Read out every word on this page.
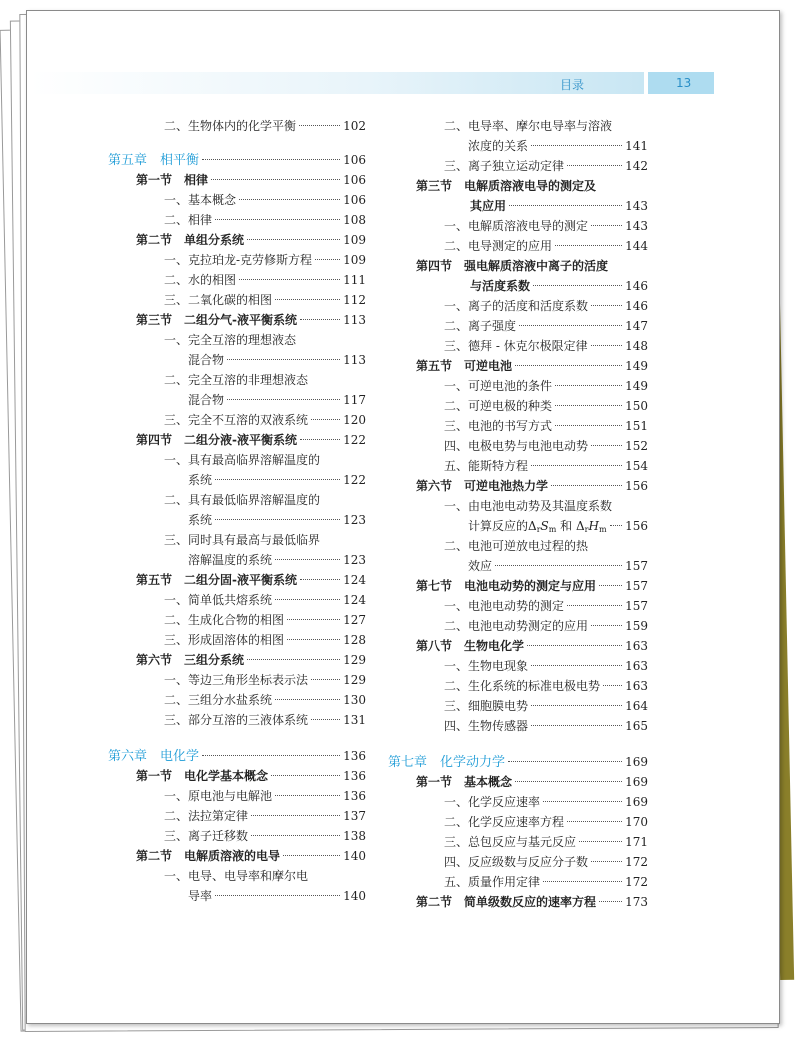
目录	13
二、生物体内的化学平衡	102
第五章　相平衡	106
第一节　相律	106
一、基本概念	106
二、相律	108
第二节　单组分系统	109
一、克拉珀龙-克劳修斯方程	109
二、水的相图	111
三、二氧化碳的相图	112
第三节　二组分气-液平衡系统	113
一、完全互溶的理想液态
混合物	113
二、完全互溶的非理想液态
混合物	117
三、完全不互溶的双液系统	120
第四节　二组分液-液平衡系统	122
一、具有最高临界溶解温度的
系统	122
二、具有最低临界溶解温度的
系统	123
三、同时具有最高与最低临界
溶解温度的系统	123
第五节　二组分固-液平衡系统	124
一、简单低共熔系统	124
二、生成化合物的相图	127
三、形成固溶体的相图	128
第六节　三组分系统	129
一、等边三角形坐标表示法	129
二、三组分水盐系统	130
三、部分互溶的三液体系统	131
第六章　电化学	136
第一节　电化学基本概念	136
一、原电池与电解池	136
二、法拉第定律	137
三、离子迁移数	138
第二节　电解质溶液的电导	140
一、电导、电导率和摩尔电
导率	140
二、电导率、摩尔电导率与溶液
浓度的关系	141
三、离子独立运动定律	142
第三节　电解质溶液电导的测定及
其应用	143
一、电解质溶液电导的测定	143
二、电导测定的应用	144
第四节　强电解质溶液中离子的活度
与活度系数	146
一、离子的活度和活度系数	146
二、离子强度	147
三、德拜 - 休克尔极限定律	148
第五节　可逆电池	149
一、可逆电池的条件	149
二、可逆电极的种类	150
三、电池的书写方式	151
四、电极电势与电池电动势	152
五、能斯特方程	154
第六节　可逆电池热力学	156
一、由电池电动势及其温度系数
计算反应的$\Delta_rS_m$ 和 $\Delta_rH_m$ 156
二、电池可逆放电过程的热
效应	157
第七节　电池电动势的测定与应用 157
一、电池电动势的测定	157
二、电池电动势测定的应用	159
第八节　生物电化学	163
一、生物电现象	163
二、生化系统的标准电极电势 163
三、细胞膜电势	164
四、生物传感器	165
第七章　化学动力学	169
第一节　基本概念	169
一、化学反应速率	169
二、化学反应速率方程	170
三、总包反应与基元反应	171
四、反应级数与反应分子数	172
五、质量作用定律	172
第二节　简单级数反应的速率方程 173
